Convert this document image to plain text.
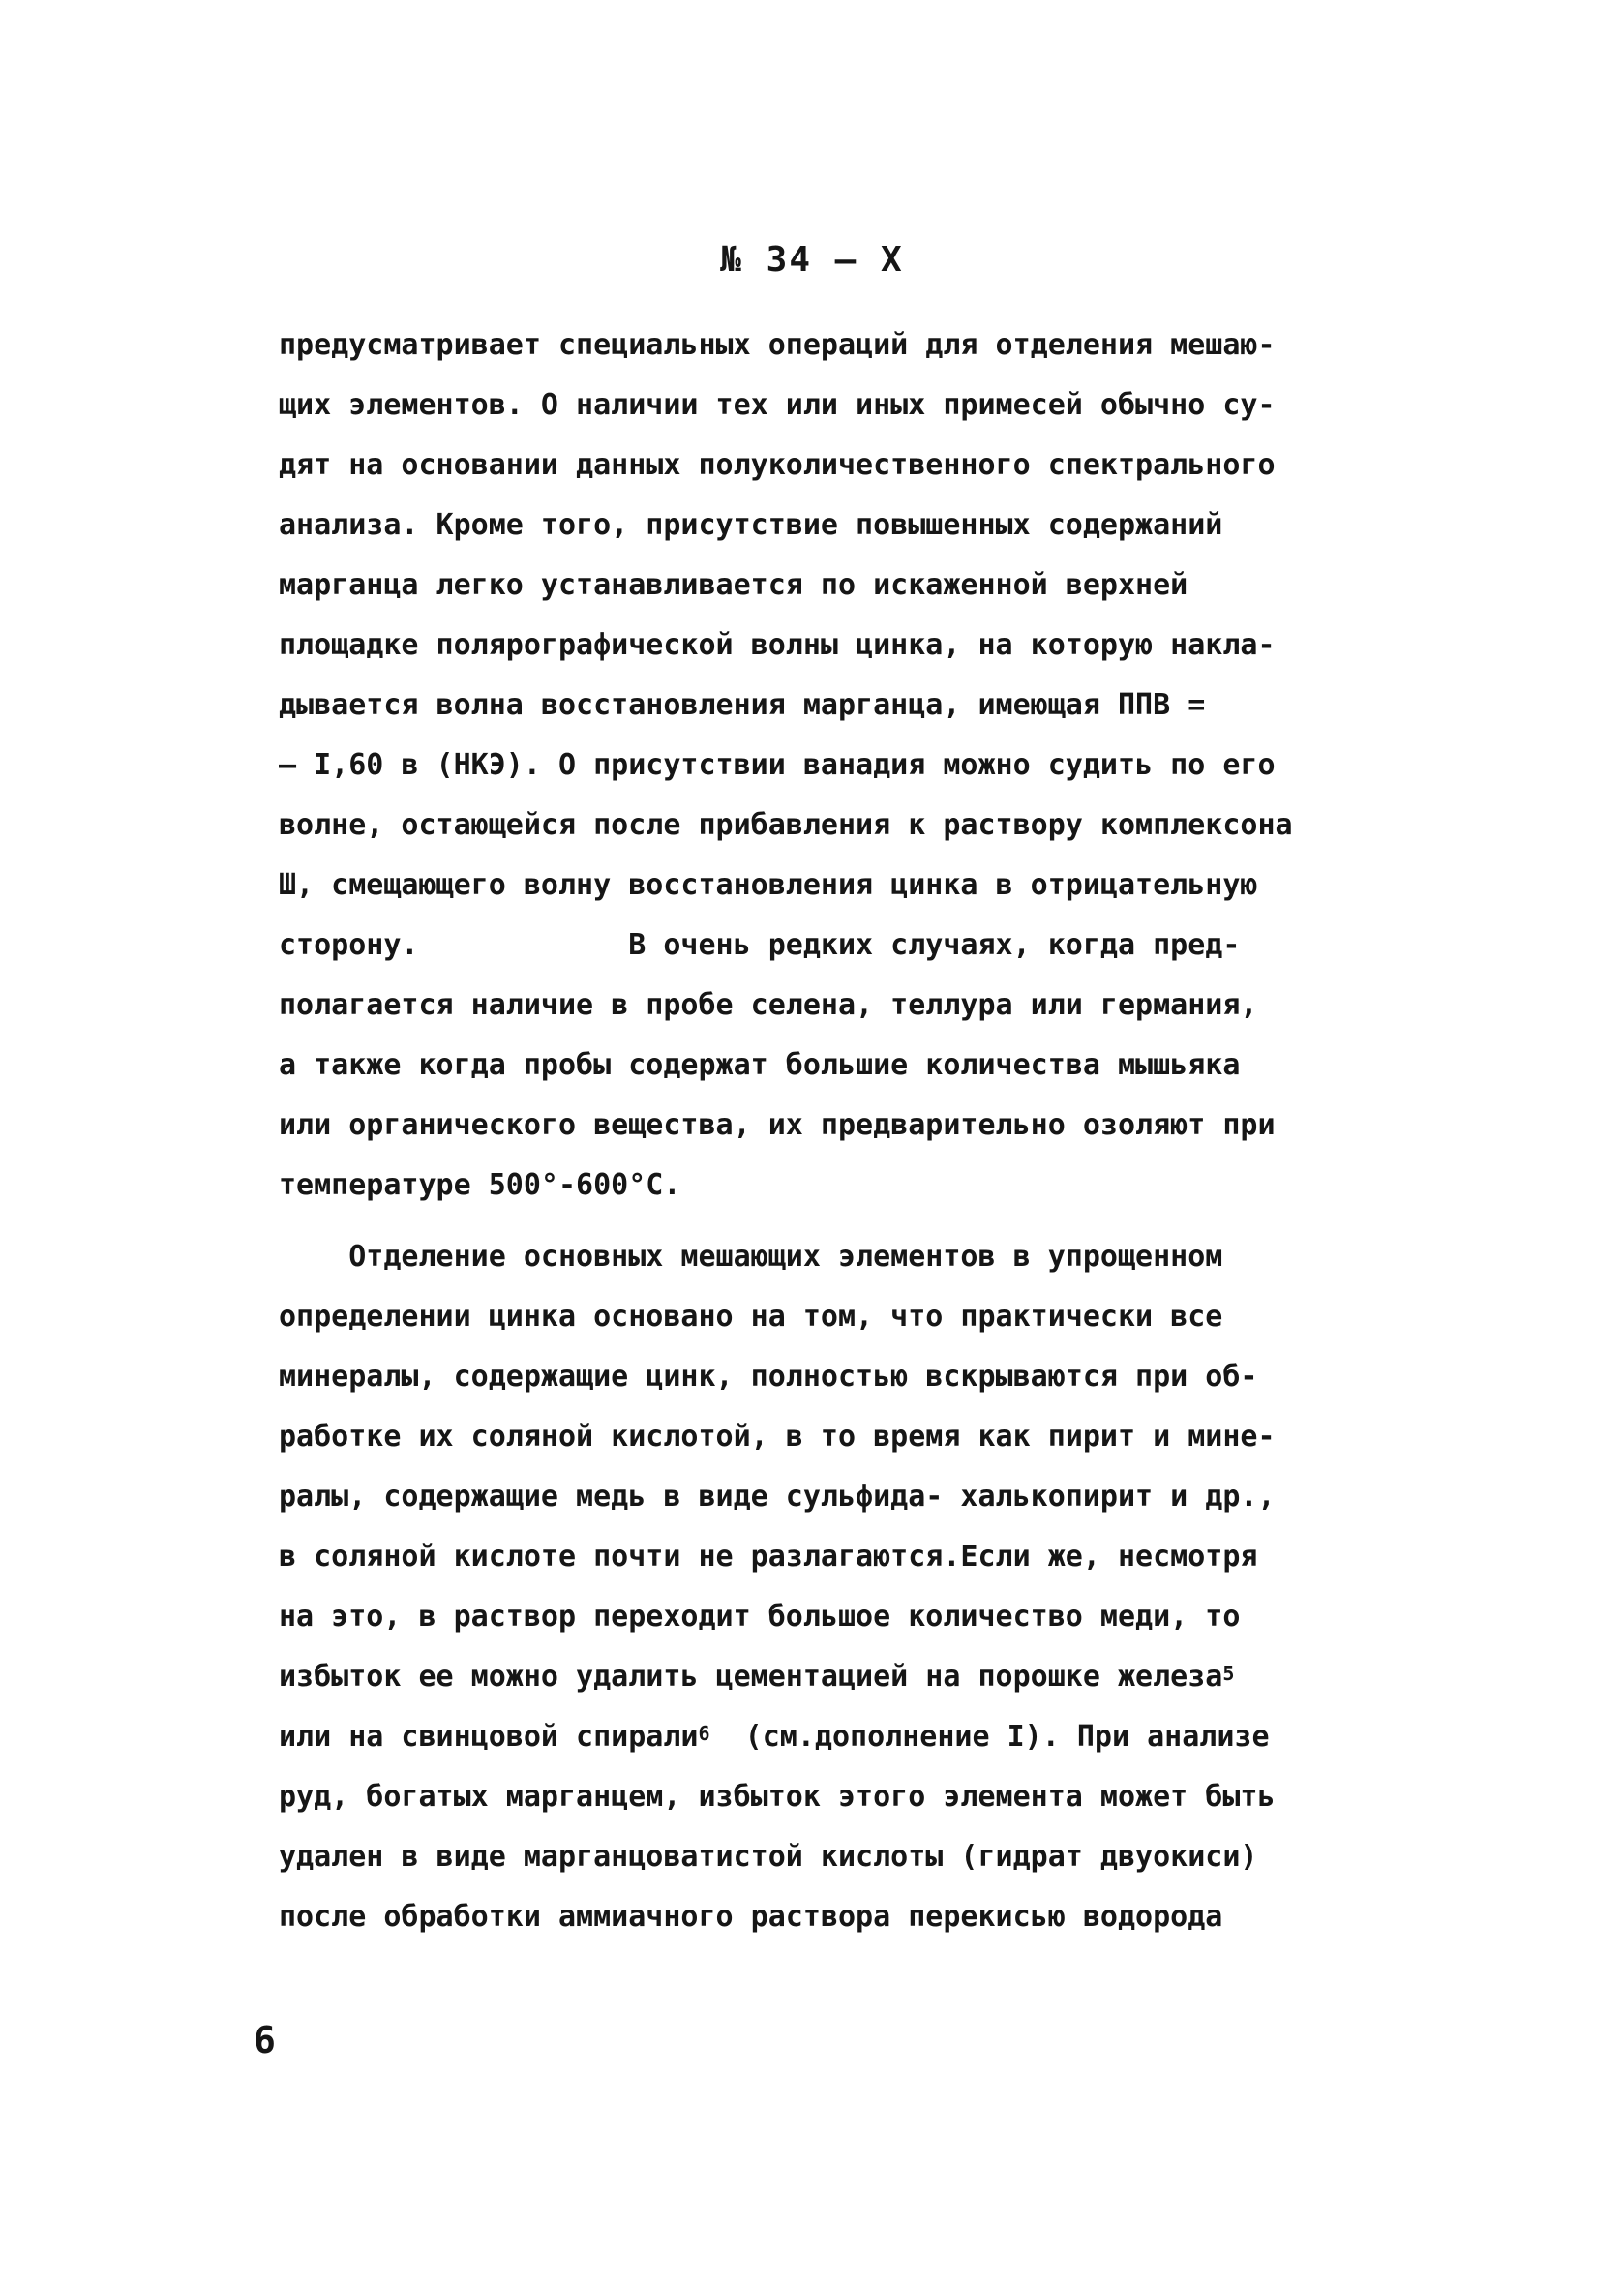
№ 34 – X
предусматривает специальных операций для отделения мешаю-
щих элементов. О наличии тех или иных примесей обычно су-
дят на основании данных полуколичественного спектрального
анализа. Кроме того, присутствие повышенных содержаний
марганца легко устанавливается по искаженной верхней
площадке полярографической волны цинка, на которую накла-
дывается волна восстановления марганца, имеющая ППВ =
– I,60 в (НКЭ). О присутствии ванадия можно судить по его
волне, остающейся после прибавления к раствору комплексона
Ш, смещающего волну восстановления цинка в отрицательную
сторону.            В очень редких случаях, когда пред-
полагается наличие в пробе селена, теллура или германия,
а также когда пробы содержат большие количества мышьяка
или органического вещества, их предварительно озоляют при
температуре 500°-600°С.
Отделение основных мешающих элементов в упрощенном
определении цинка основано на том, что практически все
минералы, содержащие цинк, полностью вскрываются при об-
работке их соляной кислотой, в то время как пирит и мине-
ралы, содержащие медь в виде сульфида- халькопирит и др.,
в соляной кислоте почти не разлагаются.Если же, несмотря
на это, в раствор переходит большое количество меди, то
избыток ее можно удалить цементацией на порошке железа$^5$
или на свинцовой спирали$^6$  (см.дополнение I). При анализе
руд, богатых марганцем, избыток этого элемента может быть
удален в виде марганцоватистой кислоты (гидрат двуокиси)
после обработки аммиачного раствора перекисью водорода
6
